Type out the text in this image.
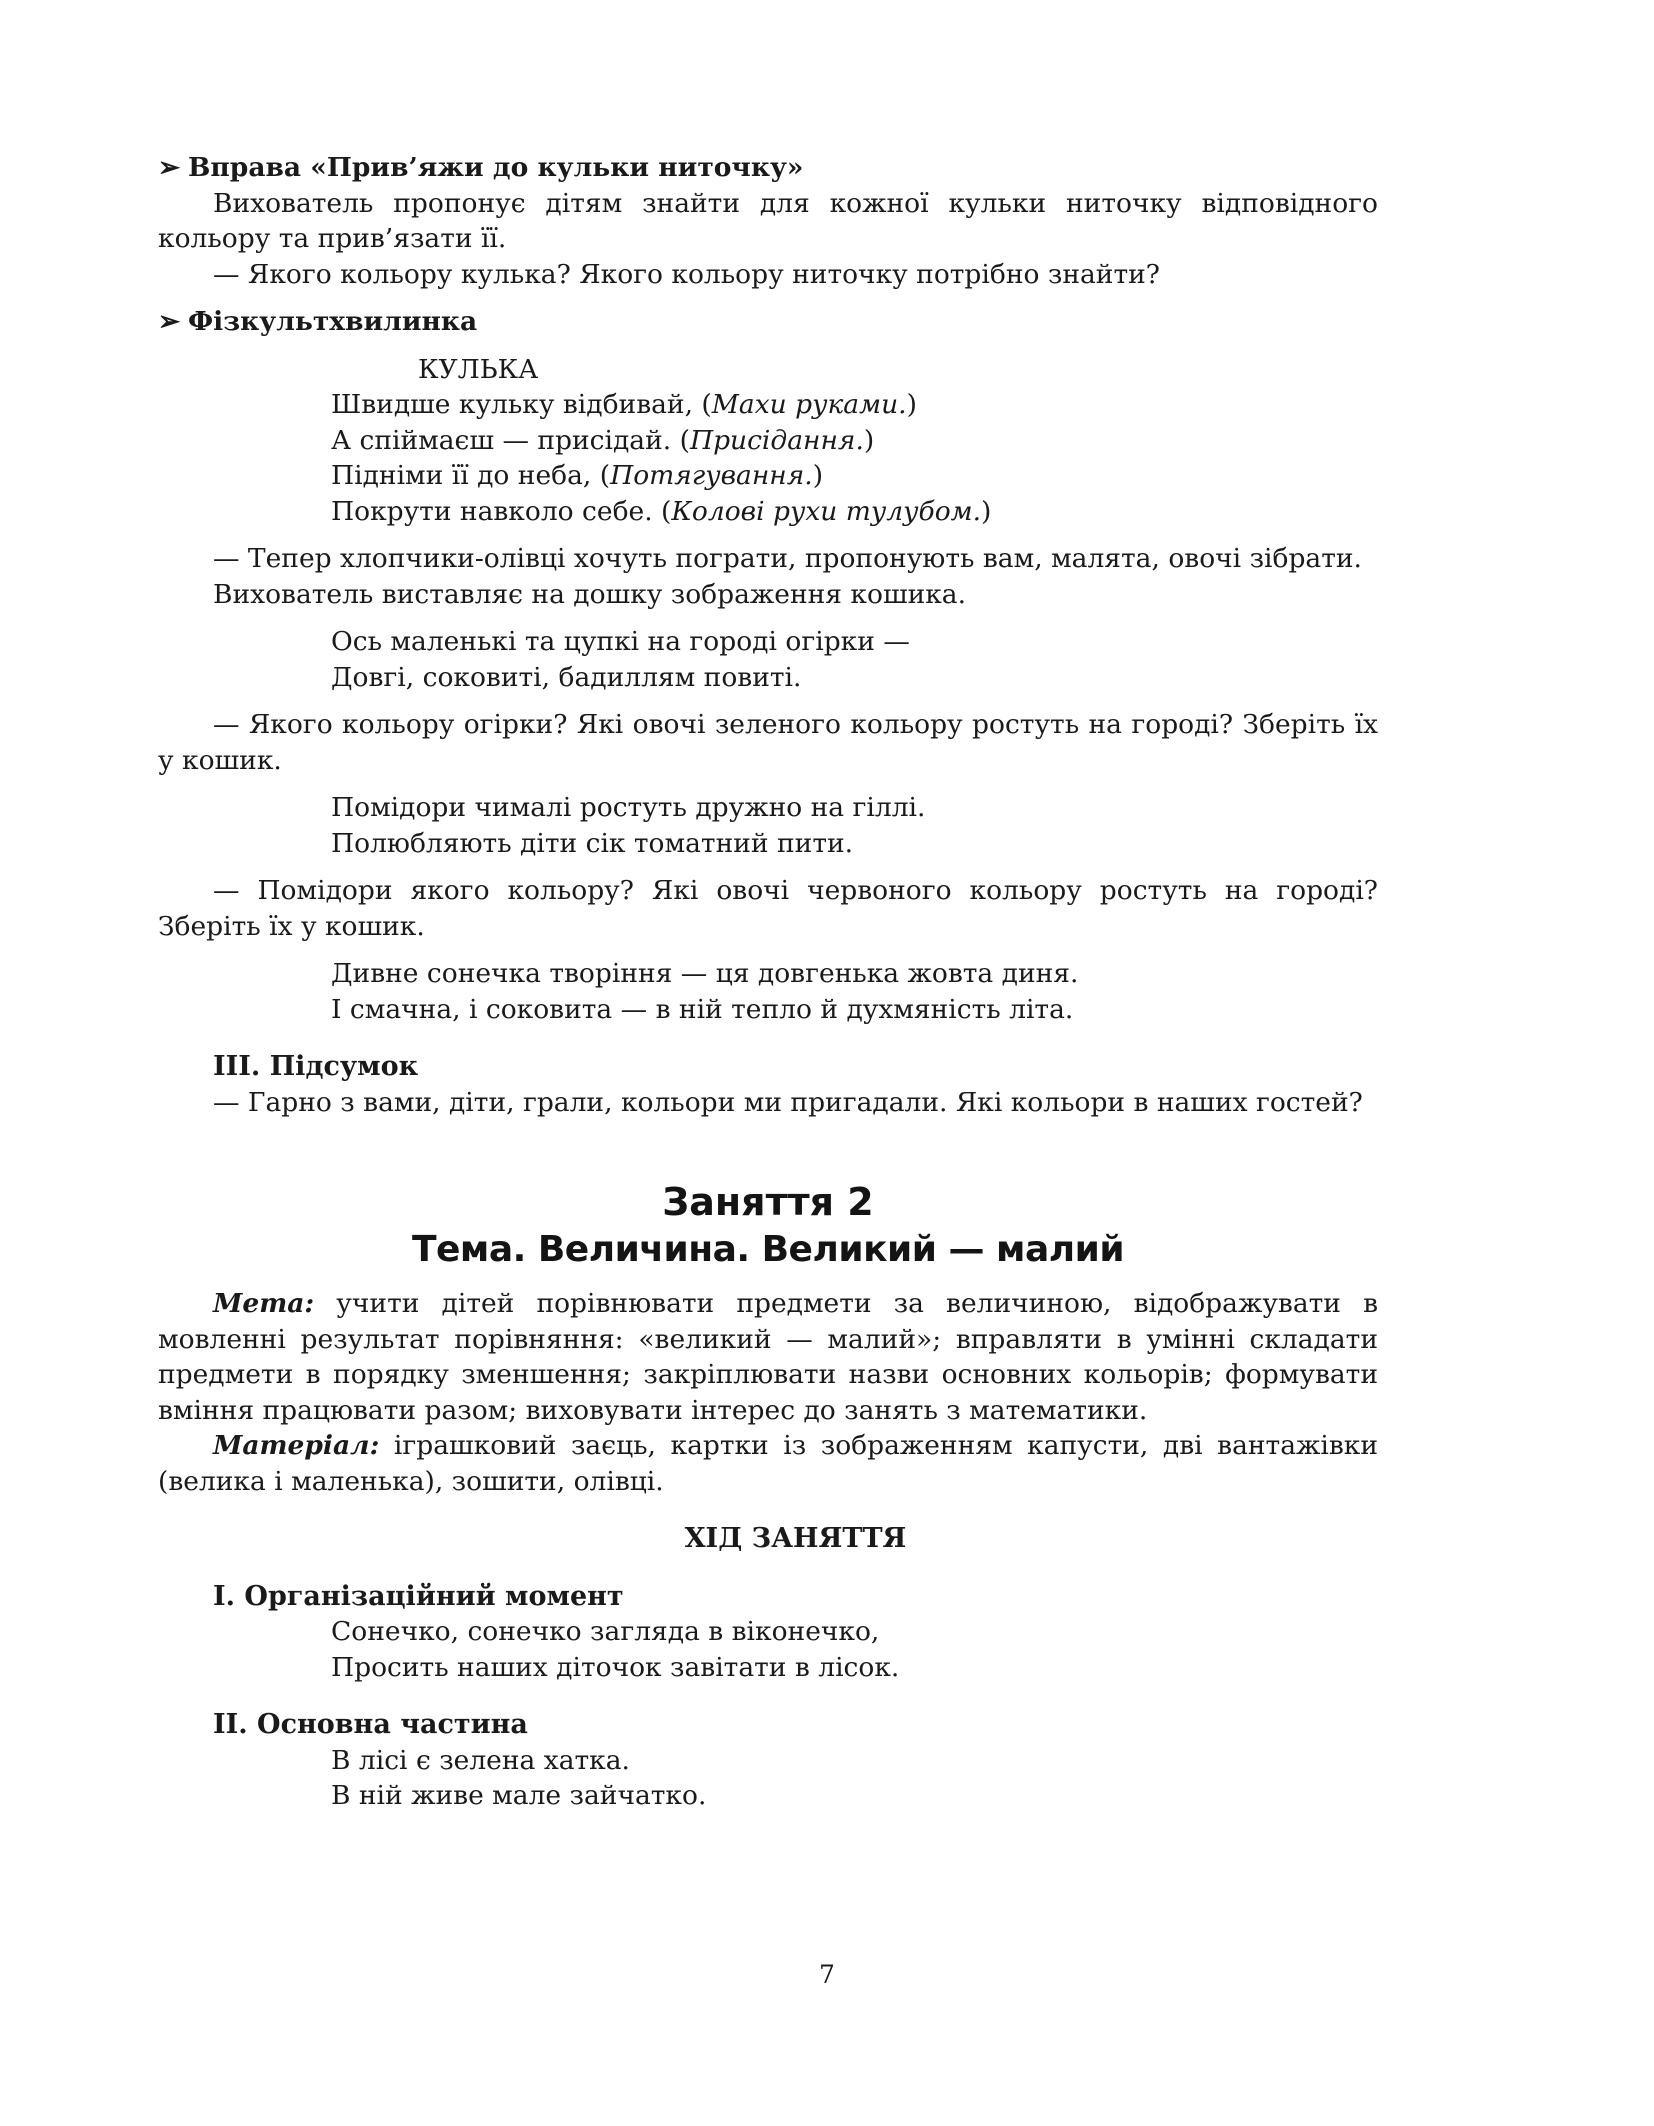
➢ Вправа «Прив’яжи до кульки ниточку»

Вихователь пропонує дітям знайти для кожної кульки ниточку відповідного кольору та прив’язати її.

— Якого кольору кулька? Якого кольору ниточку потрібно знайти?

➢ Фізкультхвилинка

КУЛЬКА

Швидше кульку відбивай, (Махи руками.)

А спіймаєш — присідай. (Присідання.)

Підніми її до неба, (Потягування.)

Покрути навколо себе. (Колові рухи тулубом.)

— Тепер хлопчики-олівці хочуть пограти, пропонують вам, малята, овочі зібрати.

Вихователь виставляє на дошку зображення кошика.

Ось маленькі та цупкі на городі огірки —

Довгі, соковиті, бадиллям повиті.

— Якого кольору огірки? Які овочі зеленого кольору ростуть на городі? Зберіть їх у кошик.

Помідори чималі ростуть дружно на гіллі.

Полюбляють діти сік томатний пити.

— Помідори якого кольору? Які овочі червоного кольору ростуть на городі? Зберіть їх у кошик.

Дивне сонечка творіння — ця довгенька жовта диня.

І смачна, і соковита — в ній тепло й духмяність літа.

ІІІ. Підсумок

— Гарно з вами, діти, грали, кольори ми пригадали. Які кольори в наших гостей?

Заняття 2

Тема. Величина. Великий — малий

Мета: учити дітей порівнювати предмети за величиною, відображувати в мовленні результат порівняння: «великий — малий»; вправляти в умінні складати предмети в порядку зменшення; закріплювати назви основних кольорів; формувати вміння працювати разом; виховувати інтерес до занять з математики.

Матеріал: іграшковий заєць, картки із зображенням капусти, дві вантажівки (велика і маленька), зошити, олівці.

ХІД ЗАНЯТТЯ

І. Організаційний момент

Сонечко, сонечко загляда в віконечко,

Просить наших діточок завітати в лісок.

ІІ. Основна частина

В лісі є зелена хатка.

В ній живе мале зайчатко.

7
